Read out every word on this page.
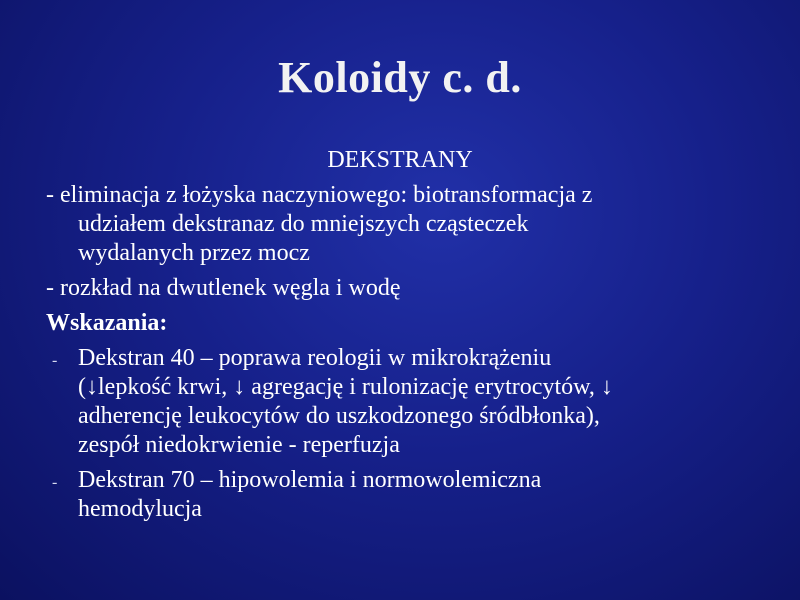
Koloidy c. d.
DEKSTRANY
- eliminacja z łożyska naczyniowego: biotransformacja z
udziałem dekstranaz do mniejszych cząsteczek
wydalanych przez mocz
- rozkład na dwutlenek węgla i wodę
Wskazania:
- Dekstran 40 – poprawa reologii w mikrokrążeniu
(↓lepkość krwi, ↓ agregację i rulonizację erytrocytów, ↓
adherencję leukocytów do uszkodzonego śródbłonka),
zespół niedokrwienie - reperfuzja
- Dekstran 70 – hipowolemia i normowolemiczna
hemodylucja
